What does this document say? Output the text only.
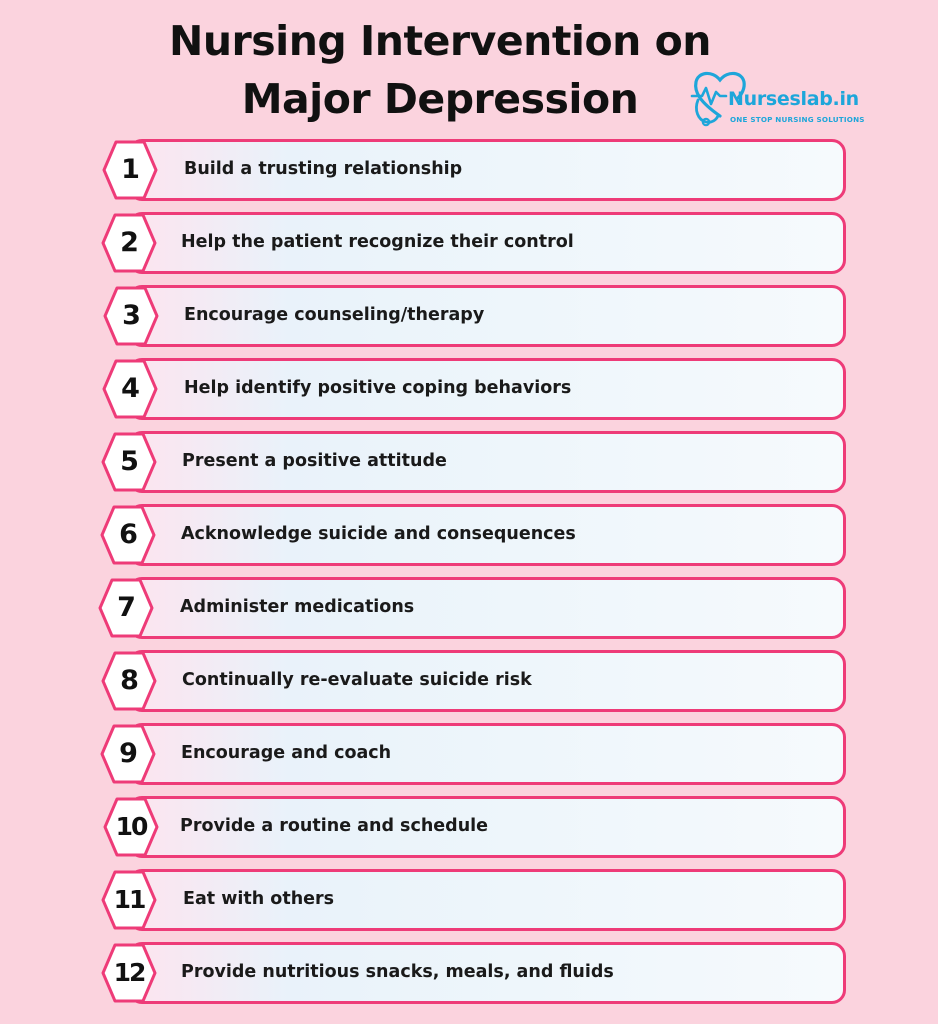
Nursing Intervention on
Major Depression	Nurseslab.in
ONE STOP NURSING SOLUTIONS
1	Build a trusting relationship
2	Help the patient recognize their control
3	Encourage counseling/therapy
4	Help identify positive coping behaviors
5	Present a positive attitude
6	Acknowledge suicide and consequences
7	Administer medications
8	Continually re-evaluate suicide risk
9	Encourage and coach
10	Provide a routine and schedule
11	Eat with others
12	Provide nutritious snacks, meals, and fluids
